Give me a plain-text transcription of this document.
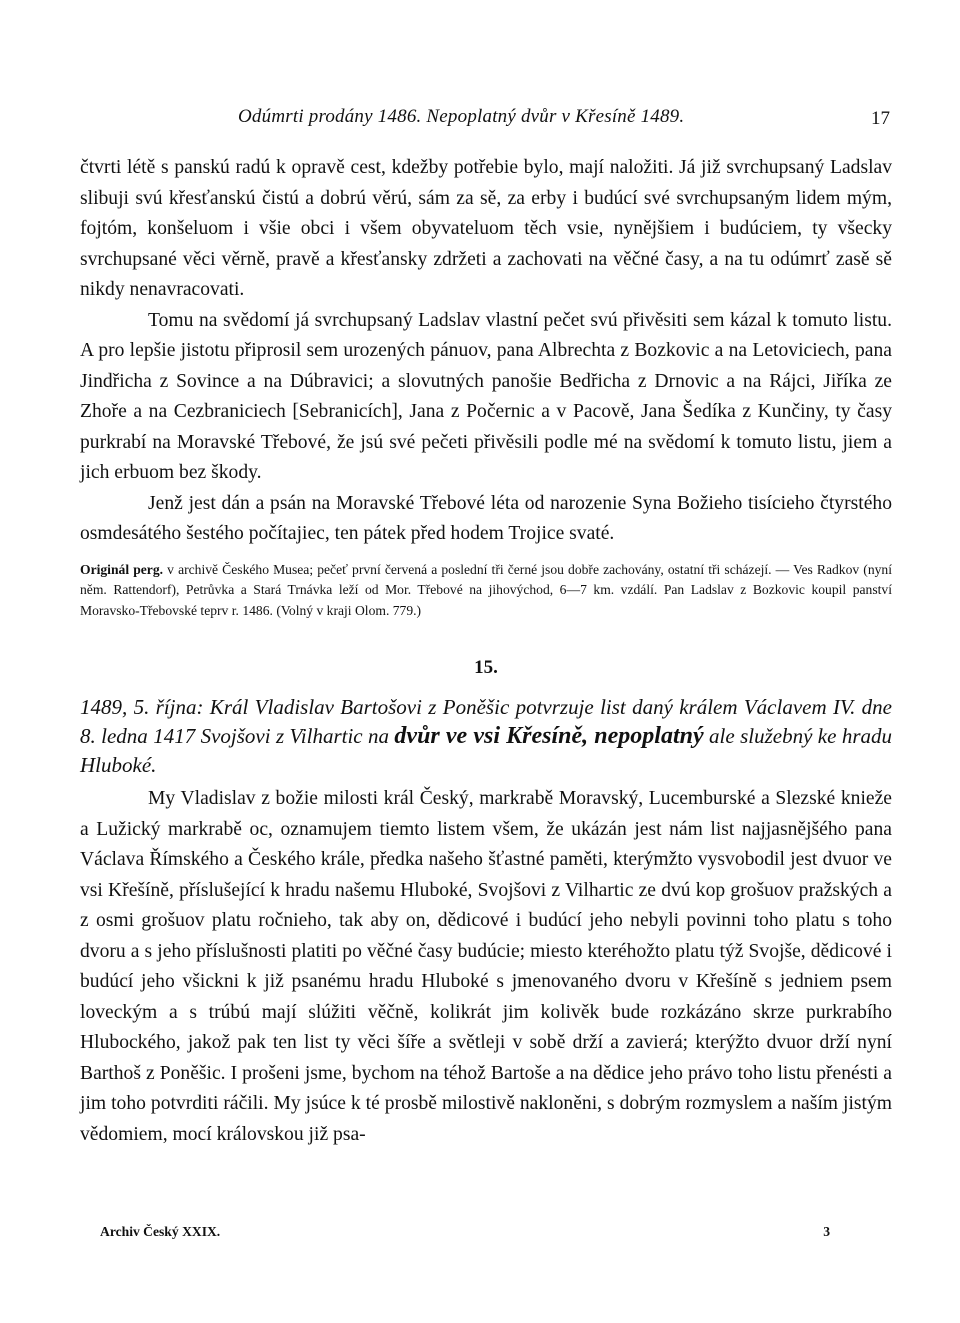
Odúmrti prodány 1486. Nepoplatný dvůr v Křesíně 1489.	17

čtvrti létě s panskú radú k opravě cest, kdežby potřebie bylo, mají naložiti. Já již svrchupsaný Ladslav slibuji svú křesťanskú čistú a dobrú věrú, sám za sě, za erby i budúcí své svrchupsaným lidem mým, fojtóm, konšeluom i všie obci i všem obyvateluom těch vsie, nynějšiem i budúciem, ty všecky svrchupsané věci věrně, pravě a křesťansky zdržeti a zachovati na věčné časy, a na tu odúmrť zasě sě nikdy nenavracovati.

Tomu na svědomí já svrchupsaný Ladslav vlastní pečet svú přivěsiti sem kázal k tomuto listu. A pro lepšie jistotu připrosil sem urozených pánuov, pana Albrechta z Bozkovic a na Letoviciech, pana Jindřicha z Sovince a na Dúbravici; a slovutných panošie Bedřicha z Drnovic a na Rájci, Jiříka ze Zhoře a na Cezbraniciech [Sebranicích], Jana z Počernic a v Pacově, Jana Šedíka z Kunčiny, ty časy purkrabí na Moravské Třebové, že jsú své pečeti přivěsili podle mé na svědomí k tomuto listu, jiem a jich erbuom bez škody.

Jenž jest dán a psán na Moravské Třebové léta od narozenie Syna Božieho tisícieho čtyrstého osmdesátého šestého počítajiec, ten pátek před hodem Trojice svaté.

Originál perg. v archivě Českého Musea; pečeť první červená a poslední tři černé jsou dobře zachovány, ostatní tři scházejí. — Ves Radkov (nyní něm. Rattendorf), Petrůvka a Stará Trnávka leží od Mor. Třebové na jihovýchod, 6—7 km. vzdálí. Pan Ladslav z Bozkovic koupil panství Moravsko-Třebovské teprv r. 1486. (Volný v kraji Olom. 779.)
15.
1489, 5. října: Král Vladislav Bartošovi z Poněšic potvrzuje list daný králem Václavem IV. dne 8. ledna 1417 Svojšovi z Vilhartic na dvůr ve vsi Křesíně, nepoplatný ale služebný ke hradu Hluboké.

My Vladislav z božie milosti král Český, markrabě Moravský, Lucemburské a Slezské knieže a Lužický markrabě oc, oznamujem tiemto listem všem, že ukázán jest nám list najjasnějšého pana Václava Římského a Českého krále, předka našeho šťastné paměti, kterýmžto vysvobodil jest dvuor ve vsi Křešíně, příslušející k hradu našemu Hluboké, Svojšovi z Vilhartic ze dvú kop grošuov pražských a z osmi grošuov platu ročnieho, tak aby on, dědicové i budúcí jeho nebyli povinni toho platu s toho dvoru a s jeho příslušnosti platiti po věčné časy budúcie; miesto kteréhožto platu týž Svojše, dědicové i budúcí jeho všickni k již psanému hradu Hluboké s jmenovaného dvoru v Křešíně s jedniem psem loveckým a s trúbú mají slúžiti věčně, kolikrát jim kolivěk bude rozkázáno skrze purkrabího Hlubockého, jakož pak ten list ty věci šíře a světleji v sobě drží a zavierá; kterýžto dvuor drží nyní Barthoš z Poněšic. I prošeni jsme, bychom na téhož Bartoše a na dědice jeho právo toho listu přenésti a jim toho potvrditi ráčili. My jsúce k té prosbě milostivě nakloněni, s dobrým rozmyslem a naším jistým vědomiem, mocí královskou již psa-

Archiv Český XXIX.	3
